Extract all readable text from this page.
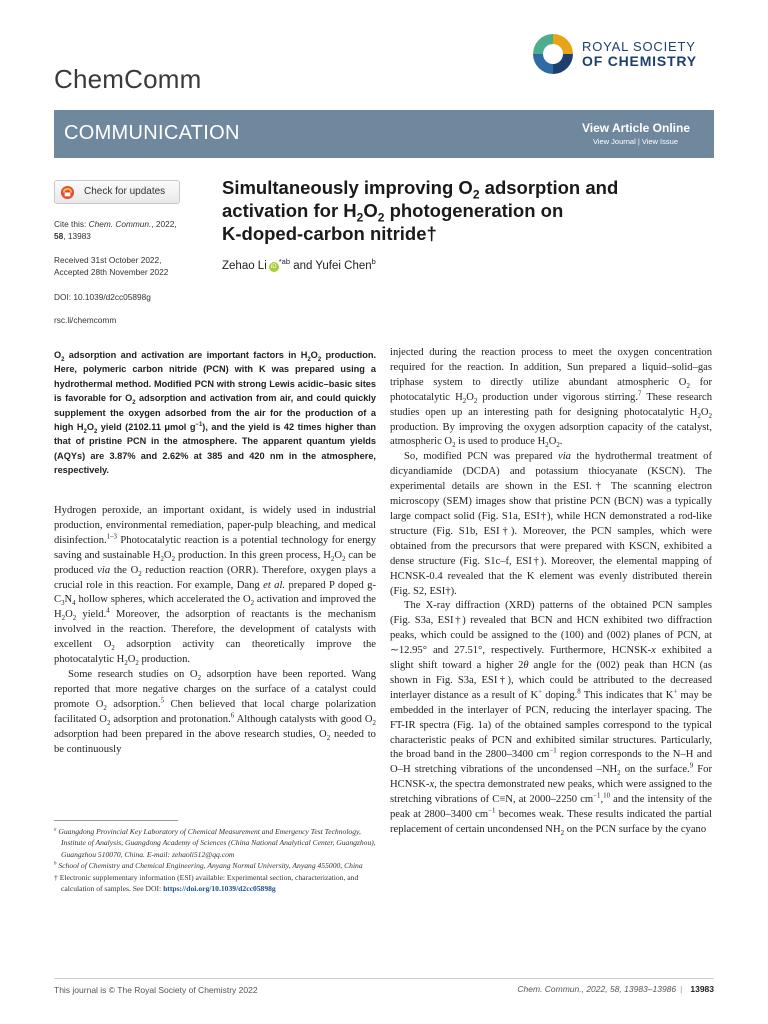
ChemComm
ROYAL SOCIETY
OF CHEMISTRY
COMMUNICATION	View Article Online
View Journal | View Issue
Check for updates
Cite this: Chem. Commun., 2022,
58, 13983
Received 31st October 2022,
Accepted 28th November 2022
DOI: 10.1039/d2cc05898g
rsc.li/chemcomm
Simultaneously improving $O_2$ adsorption and
activation for $H_2O_2$ photogeneration on
K-doped-carbon nitride†
Zehao Li $iD^{*ab}$ and Yufei Chen$^b$
$O_2$ adsorption and activation are important factors in $H_2O_2$ production. Here, polymeric carbon nitride (PCN) with K was prepared using a hydrothermal method. Modified PCN with strong Lewis acidic–basic sites is favorable for $O_2$ adsorption and activation from air, and could quickly supplement the oxygen adsorbed from the air for the production of a high $H_2O_2$ yield (2102.11 μmol $g^{-1}$), and the yield is 42 times higher than that of pristine PCN in the atmosphere. The apparent quantum yields (AQYs) are 3.87% and 2.62% at 385 and 420 nm in the atmosphere, respectively.

Hydrogen peroxide, an important oxidant, is widely used in industrial production, environmental remediation, paper-pulp bleaching, and medical disinfection.$^{1-3}$ Photocatalytic reaction is a potential technology for energy saving and sustainable $H_2O_2$ production. In this green process, $H_2O_2$ can be produced via the $O_2$ reduction reaction (ORR). Therefore, oxygen plays a crucial role in this reaction. For example, Dang et al. prepared P doped $g-C_3N_4$ hollow spheres, which accelerated the $O_2$ activation and improved the $H_2O_2$ yield.$^4$ Moreover, the adsorption of reactants is the mechanism involved in the reaction. Therefore, the development of catalysts with excellent $O_2$ adsorption activity can theoretically improve the photocatalytic $H_2O_2$ production.

Some research studies on $O_2$ adsorption have been reported. Wang reported that more negative charges on the surface of a catalyst could promote $O_2$ adsorption.$^5$ Chen believed that local charge polarization facilitated $O_2$ adsorption and protonation.$^6$ Although catalysts with good $O_2$ adsorption had been prepared in the above research studies, $O_2$ needed to be continuously

injected during the reaction process to meet the oxygen concentration required for the reaction. In addition, Sun prepared a liquid–solid–gas triphase system to directly utilize abundant atmospheric $O_2$ for photocatalytic $H_2O_2$ production under vigorous stirring.$^7$ These research studies open up an interesting path for designing photocatalytic $H_2O_2$ production. By improving the oxygen adsorption capacity of the catalyst, atmospheric $O_2$ is used to produce $H_2O_2$.

So, modified PCN was prepared via the hydrothermal treatment of dicyandiamide (DCDA) and potassium thiocyanate (KSCN). The experimental details are shown in the ESI.† The scanning electron microscopy (SEM) images show that pristine PCN (BCN) was a typically large compact solid (Fig. S1a, ESI†), while HCN demonstrated a rod-like structure (Fig. S1b, ESI†). Moreover, the PCN samples, which were obtained from the precursors that were prepared with KSCN, exhibited a dense structure (Fig. S1c–f, ESI†). Moreover, the elemental mapping of HCNSK-0.4 revealed that the K element was evenly distributed therein (Fig. S2, ESI†).

The X-ray diffraction (XRD) patterns of the obtained PCN samples (Fig. S3a, ESI†) revealed that BCN and HCN exhibited two diffraction peaks, which could be assigned to the (100) and (002) planes of PCN, at ∼12.95° and 27.51°, respectively. Furthermore, HCNSK-x exhibited a slight shift toward a higher 2θ angle for the (002) peak than HCN (as shown in Fig. S3a, ESI†), which could be attributed to the decreased interlayer distance as a result of K+ doping.$^8$ This indicates that K+ may be embedded in the interlayer of PCN, reducing the interlayer spacing. The FT-IR spectra (Fig. 1a) of the obtained samples correspond to the typical characteristic peaks of PCN and exhibited similar structures. Particularly, the broad band in the 2800–3400 $cm^{-1}$ region corresponds to the N–H and O–H stretching vibrations of the uncondensed $-NH_2$ on the surface.$^9$ For HCNSK-x, the spectra demonstrated new peaks, which were assigned to the stretching vibrations of C≡N, at 2000–2250 $cm^{-1},^{10}$ and the intensity of the peak at 2800–3400 $cm^{-1}$ becomes weak. These results indicated the partial replacement of certain uncondensed $NH_2$ on the PCN surface by the cyano

$^a$ Guangdong Provincial Key Laboratory of Chemical Measurement and Emergency Test Technology, Institute of Analysis, Guangdong Academy of Sciences (China National Analytical Center, Guangzhou), Guangzhou 510070, China. E-mail: zehaoli512@qq.com
$^b$ School of Chemistry and Chemical Engineering, Anyang Normal University, Anyang 455000, China
† Electronic supplementary information (ESI) available: Experimental section, characterization, and calculation of samples. See DOI: https://doi.org/10.1039/d2cc05898g
This journal is © The Royal Society of Chemistry 2022	Chem. Commun., 2022, 58, 13983–13986 | 13983
